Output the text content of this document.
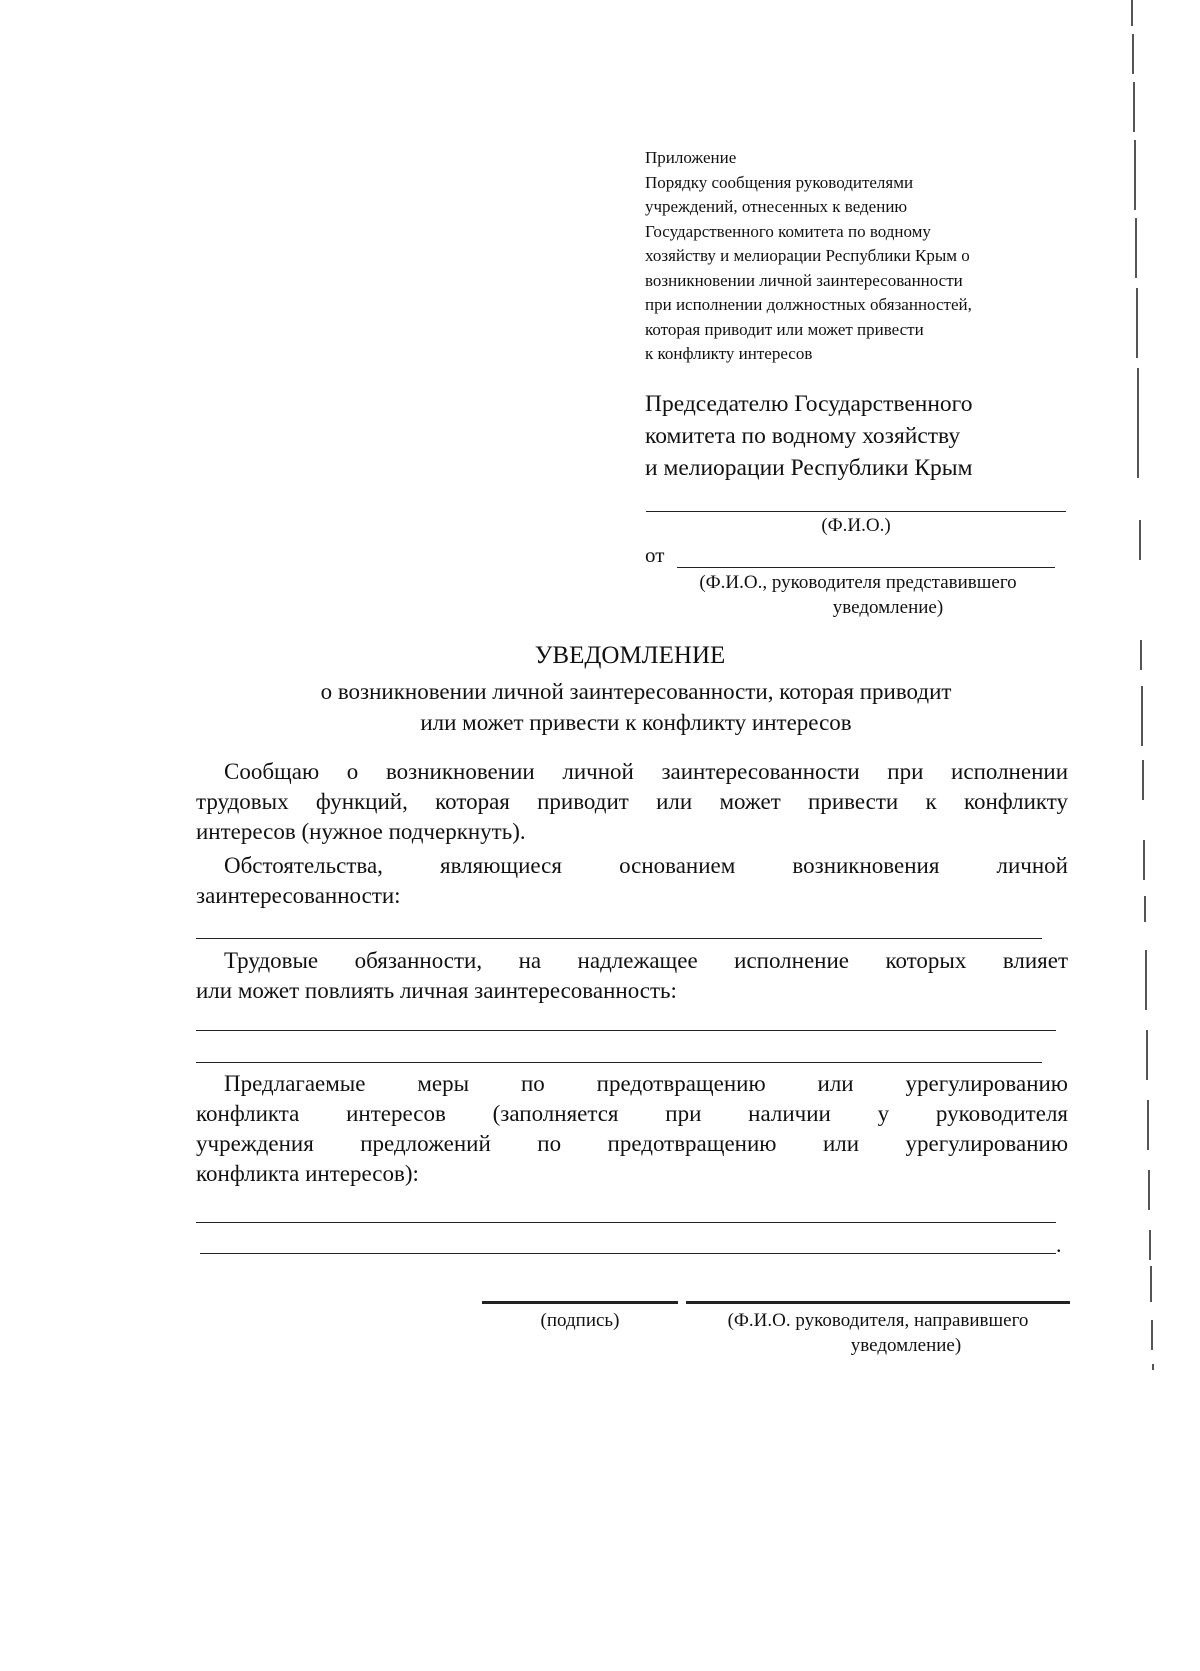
Приложение
Порядку сообщения руководителями
учреждений, отнесенных к ведению
Государственного комитета по водному
хозяйству и мелиорации Республики Крым о
возникновении личной заинтересованности
при исполнении должностных обязанностей,
которая приводит или может привести
к конфликту интересов
Председателю Государственного
комитета по водному хозяйству
и мелиорации Республики Крым
(Ф.И.О.)
от
(Ф.И.О., руководителя представившего
уведомление)
УВЕДОМЛЕНИЕ
о возникновении личной заинтересованности, которая приводит
или может привести к конфликту интересов
Сообщаю о возникновении личной заинтересованности при исполнении
трудовых функций, которая приводит или может привести к конфликту
интересов (нужное подчеркнуть).
Обстоятельства, являющиеся основанием возникновения личной
заинтересованности:
Трудовые обязанности, на надлежащее исполнение которых влияет
или может повлиять личная заинтересованность:
Предлагаемые меры по предотвращению или урегулированию
конфликта интересов (заполняется при наличии у руководителя
учреждения предложений по предотвращению или урегулированию
конфликта интересов):
.
(подпись)	(Ф.И.О. руководителя, направившего
уведомление)
